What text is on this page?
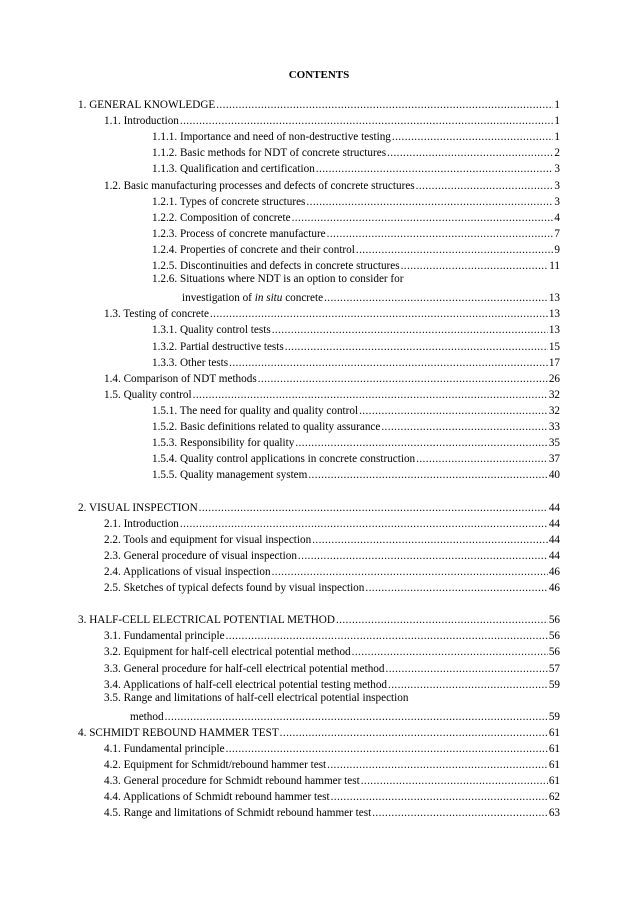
CONTENTS
1. GENERAL KNOWLEDGE .....	1
1.1. Introduction .....	1
1.1.1. Importance and need of non-destructive testing .....	1
1.1.2. Basic methods for NDT of concrete structures .....	2
1.1.3. Qualification and certification .....	3
1.2. Basic manufacturing processes and defects of concrete structures .....	3
1.2.1. Types of concrete structures .....	3
1.2.2. Composition of concrete .....	4
1.2.3. Process of concrete manufacture .....	7
1.2.4. Properties of concrete and their control .....	9
1.2.5. Discontinuities and defects in concrete structures .....	11
1.2.6. Situations where NDT is an option to consider for
investigation of in situ concrete .....	13
1.3. Testing of concrete .....	13
1.3.1. Quality control tests .....	13
1.3.2. Partial destructive tests .....	15
1.3.3. Other tests .....	17
1.4. Comparison of NDT methods .....	26
1.5. Quality control .....	32
1.5.1. The need for quality and quality control .....	32
1.5.2. Basic definitions related to quality assurance .....	33
1.5.3. Responsibility for quality .....	35
1.5.4. Quality control applications in concrete construction .....	37
1.5.5. Quality management system .....	40
2. VISUAL INSPECTION .....	44
2.1. Introduction .....	44
2.2. Tools and equipment for visual inspection .....	44
2.3. General procedure of visual inspection .....	44
2.4. Applications of visual inspection .....	46
2.5. Sketches of typical defects found by visual inspection .....	46
3. HALF-CELL ELECTRICAL POTENTIAL METHOD .....	56
3.1. Fundamental principle .....	56
3.2. Equipment for half-cell electrical potential method .....	56
3.3. General procedure for half-cell electrical potential method .....	57
3.4. Applications of half-cell electrical potential testing method .....	59
3.5. Range and limitations of half-cell electrical potential inspection
method .....	59
4. SCHMIDT REBOUND HAMMER TEST .....	61
4.1. Fundamental principle .....	61
4.2. Equipment for Schmidt/rebound hammer test .....	61
4.3. General procedure for Schmidt rebound hammer test .....	61
4.4. Applications of Schmidt rebound hammer test .....	62
4.5. Range and limitations of Schmidt rebound hammer test .....	63
